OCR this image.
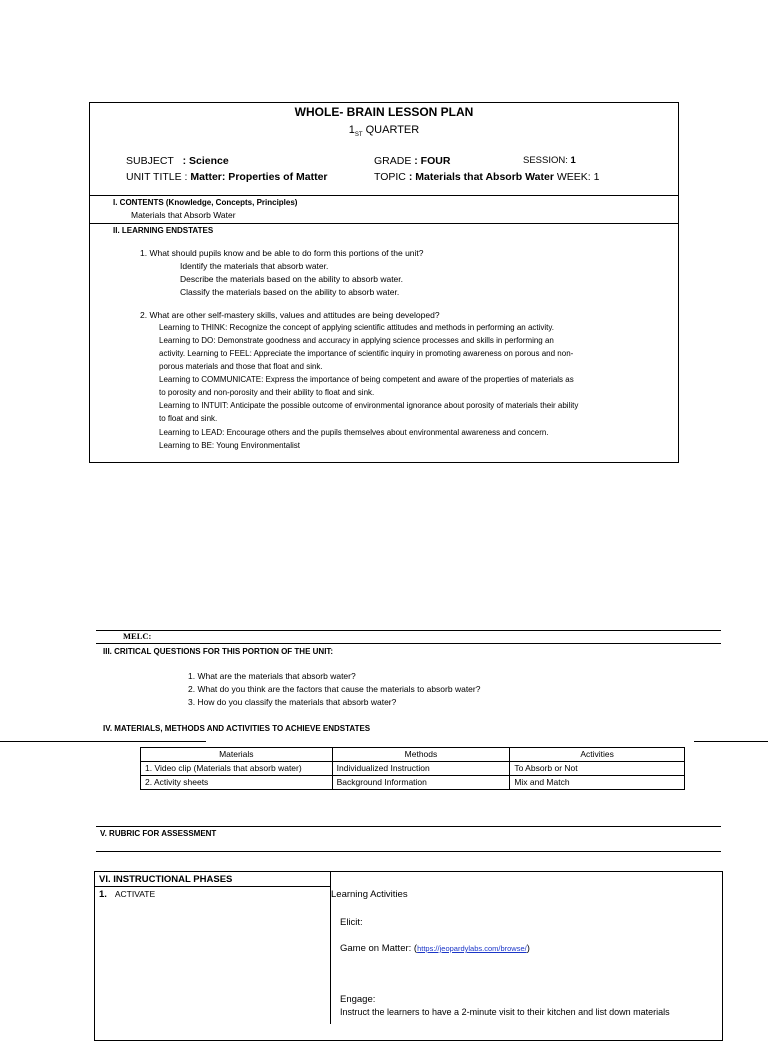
WHOLE- BRAIN LESSON PLAN
$1_{ST}$ QUARTER
SUBJECT : Science	GRADE : FOUR	SESSION: 1
UNIT TITLE : Matter: Properties of Matter	TOPIC : Materials that Absorb Water WEEK: 1
I. CONTENTS (Knowledge, Concepts, Principles)
Materials that Absorb Water
II. LEARNING ENDSTATES
1. What should pupils know and be able to do form this portions of the unit?
Identify the materials that absorb water.
Describe the materials based on the ability to absorb water.
Classify the materials based on the ability to absorb water.
2. What are other self-mastery skills, values and attitudes are being developed?
Learning to THINK: Recognize the concept of applying scientific attitudes and methods in performing an activity.
Learning to DO: Demonstrate goodness and accuracy in applying science processes and skills in performing an
activity. Learning to FEEL: Appreciate the importance of scientific inquiry in promoting awareness on porous and non-
porous materials and those that float and sink.
Learning to COMMUNICATE: Express the importance of being competent and aware of the properties of materials as
to porosity and non-porosity and their ability to float and sink.
Learning to INTUIT: Anticipate the possible outcome of environmental ignorance about porosity of materials their ability
to float and sink.
Learning to LEAD: Encourage others and the pupils themselves about environmental awareness and concern.
Learning to BE: Young Environmentalist
MELC:
III. CRITICAL QUESTIONS FOR THIS PORTION OF THE UNIT:
1. What are the materials that absorb water?
2. What do you think are the factors that cause the materials to absorb water?
3. How do you classify the materials that absorb water?
IV. MATERIALS, METHODS AND ACTIVITIES TO ACHIEVE ENDSTATES
Materials	Methods	Activities
1. Video clip (Materials that absorb water)	Individualized Instruction	To Absorb or Not
2. Activity sheets	Background Information	Mix and Match
V. RUBRIC FOR ASSESSMENT
VI. INSTRUCTIONAL PHASES
1. ACTIVATE	Learning Activities
Elicit:
Game on Matter: (https://jeopardylabs.com/browse/)
Engage:
Instruct the learners to have a 2-minute visit to their kitchen and list down materials
